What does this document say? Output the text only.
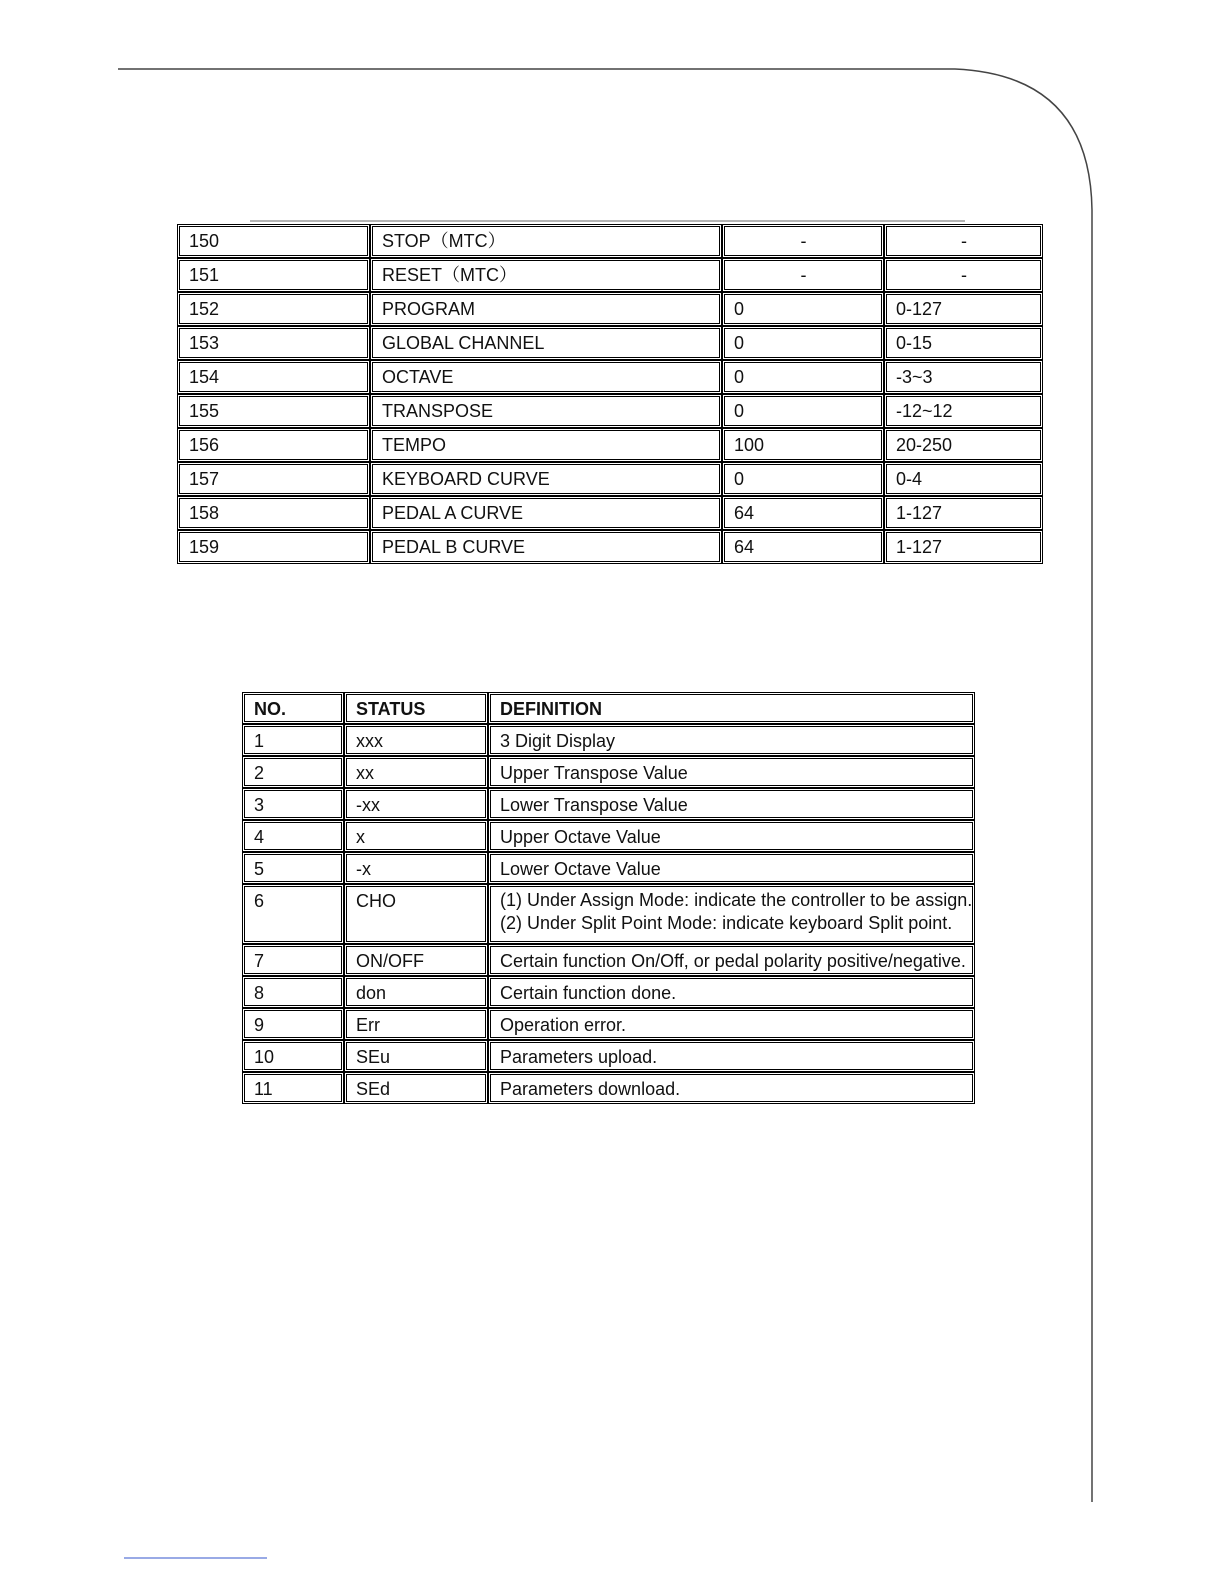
150	STOP（MTC）	-	-
151	RESET（MTC）	-	-
152	PROGRAM	0	0-127
153	GLOBAL CHANNEL	0	0-15
154	OCTAVE	0	-3~3
155	TRANSPOSE	0	-12~12
156	TEMPO	100	20-250
157	KEYBOARD CURVE	0	0-4
158	PEDAL A CURVE	64	1-127
159	PEDAL B CURVE	64	1-127
NO.	STATUS	DEFINITION
1	xxx	3 Digit Display
2	xx	Upper Transpose Value
3	-xx	Lower Transpose Value
4	x	Upper Octave Value
5	-x	Lower Octave Value
6	CHO	(1) Under Assign Mode: indicate the controller to be assign.
(2) Under Split Point Mode: indicate keyboard Split point.

7	ON/OFF	Certain function On/Off, or pedal polarity positive/negative.
8	don	Certain function done.
9	Err	Operation error.
10	SEu	Parameters upload.
11	SEd	Parameters download.
